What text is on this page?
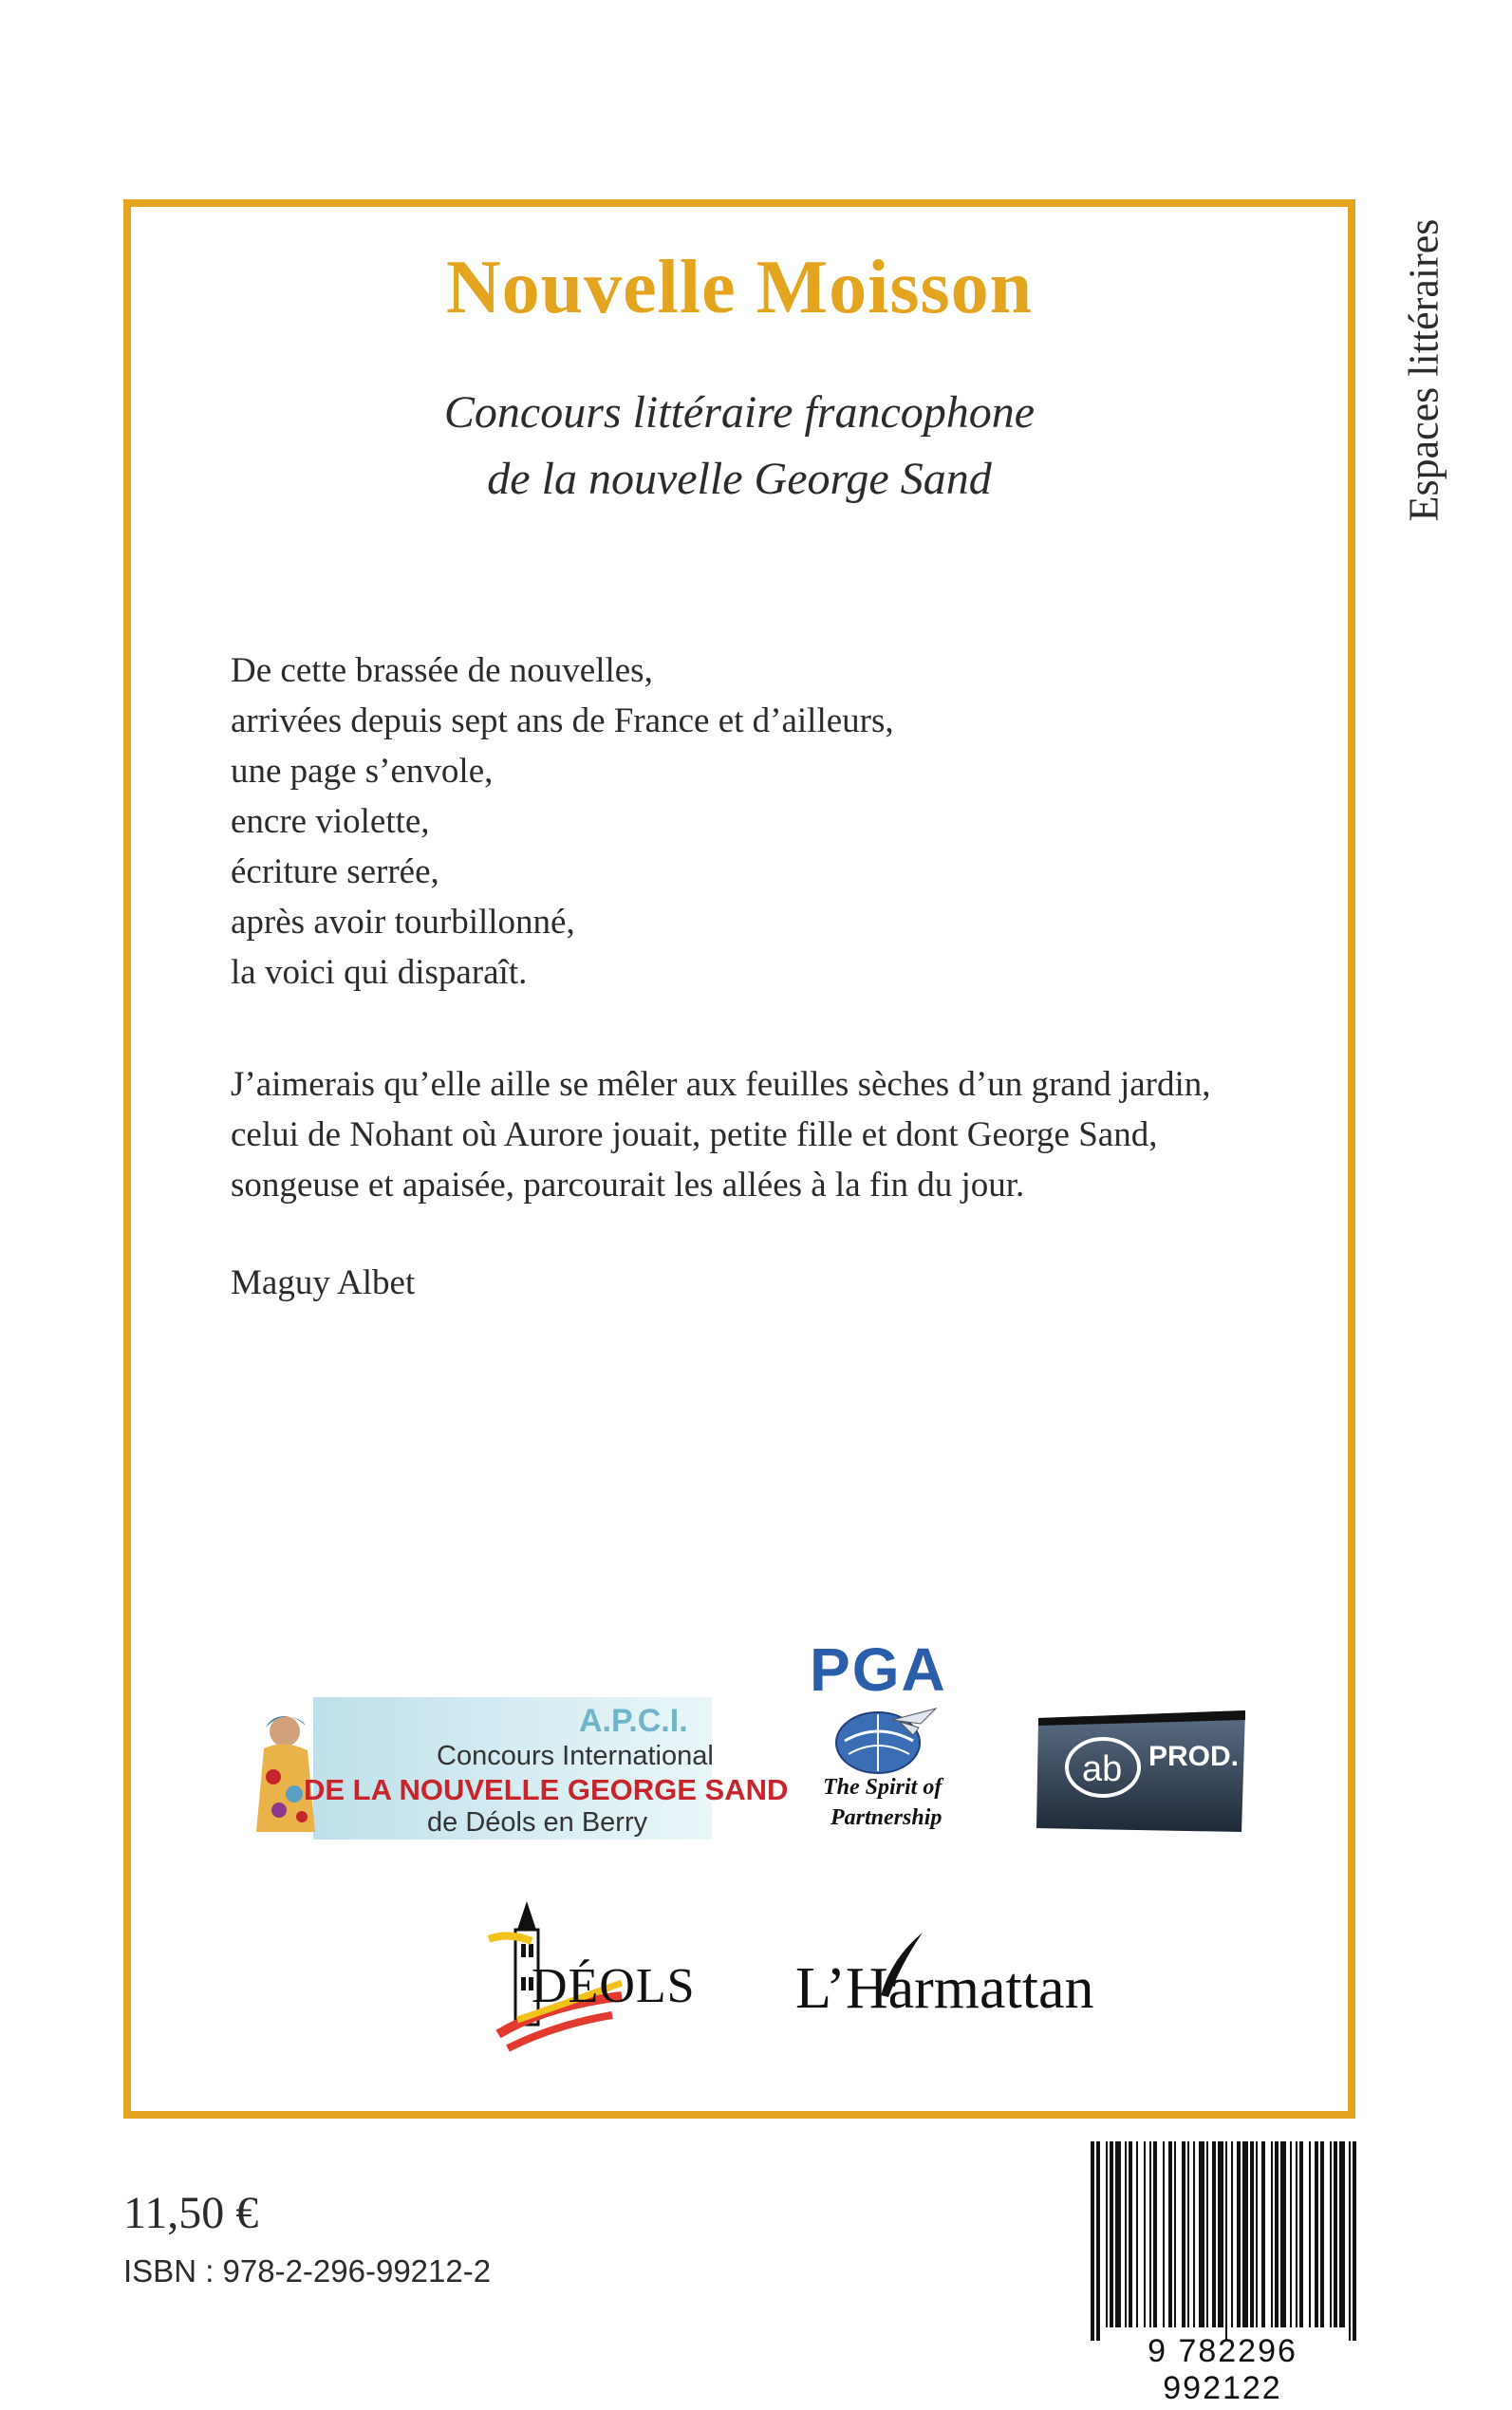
Espaces littéraires
Nouvelle Moisson
Concours littéraire francophone
de la nouvelle George Sand
De cette brassée de nouvelles,
arrivées depuis sept ans de France et d’ailleurs,
une page s’envole,
encre violette,
écriture serrée,
après avoir tourbillonné,
la voici qui disparaît.
J’aimerais qu’elle aille se mêler aux feuilles sèches d’un grand jardin,
celui de Nohant où Aurore jouait, petite fille et dont George Sand,
songeuse et apaisée, parcourait les allées à la fin du jour.
Maguy Albet
A.P.C.I.
Concours International
DE LA NOUVELLE GEORGE SAND
de Déols en Berry
PGA
The Spirit of
Partnership
ab PROD.
DÉOLS L’Harmattan
11,50 €
ISBN : 978-2-296-99212-2
9 782296 992122
